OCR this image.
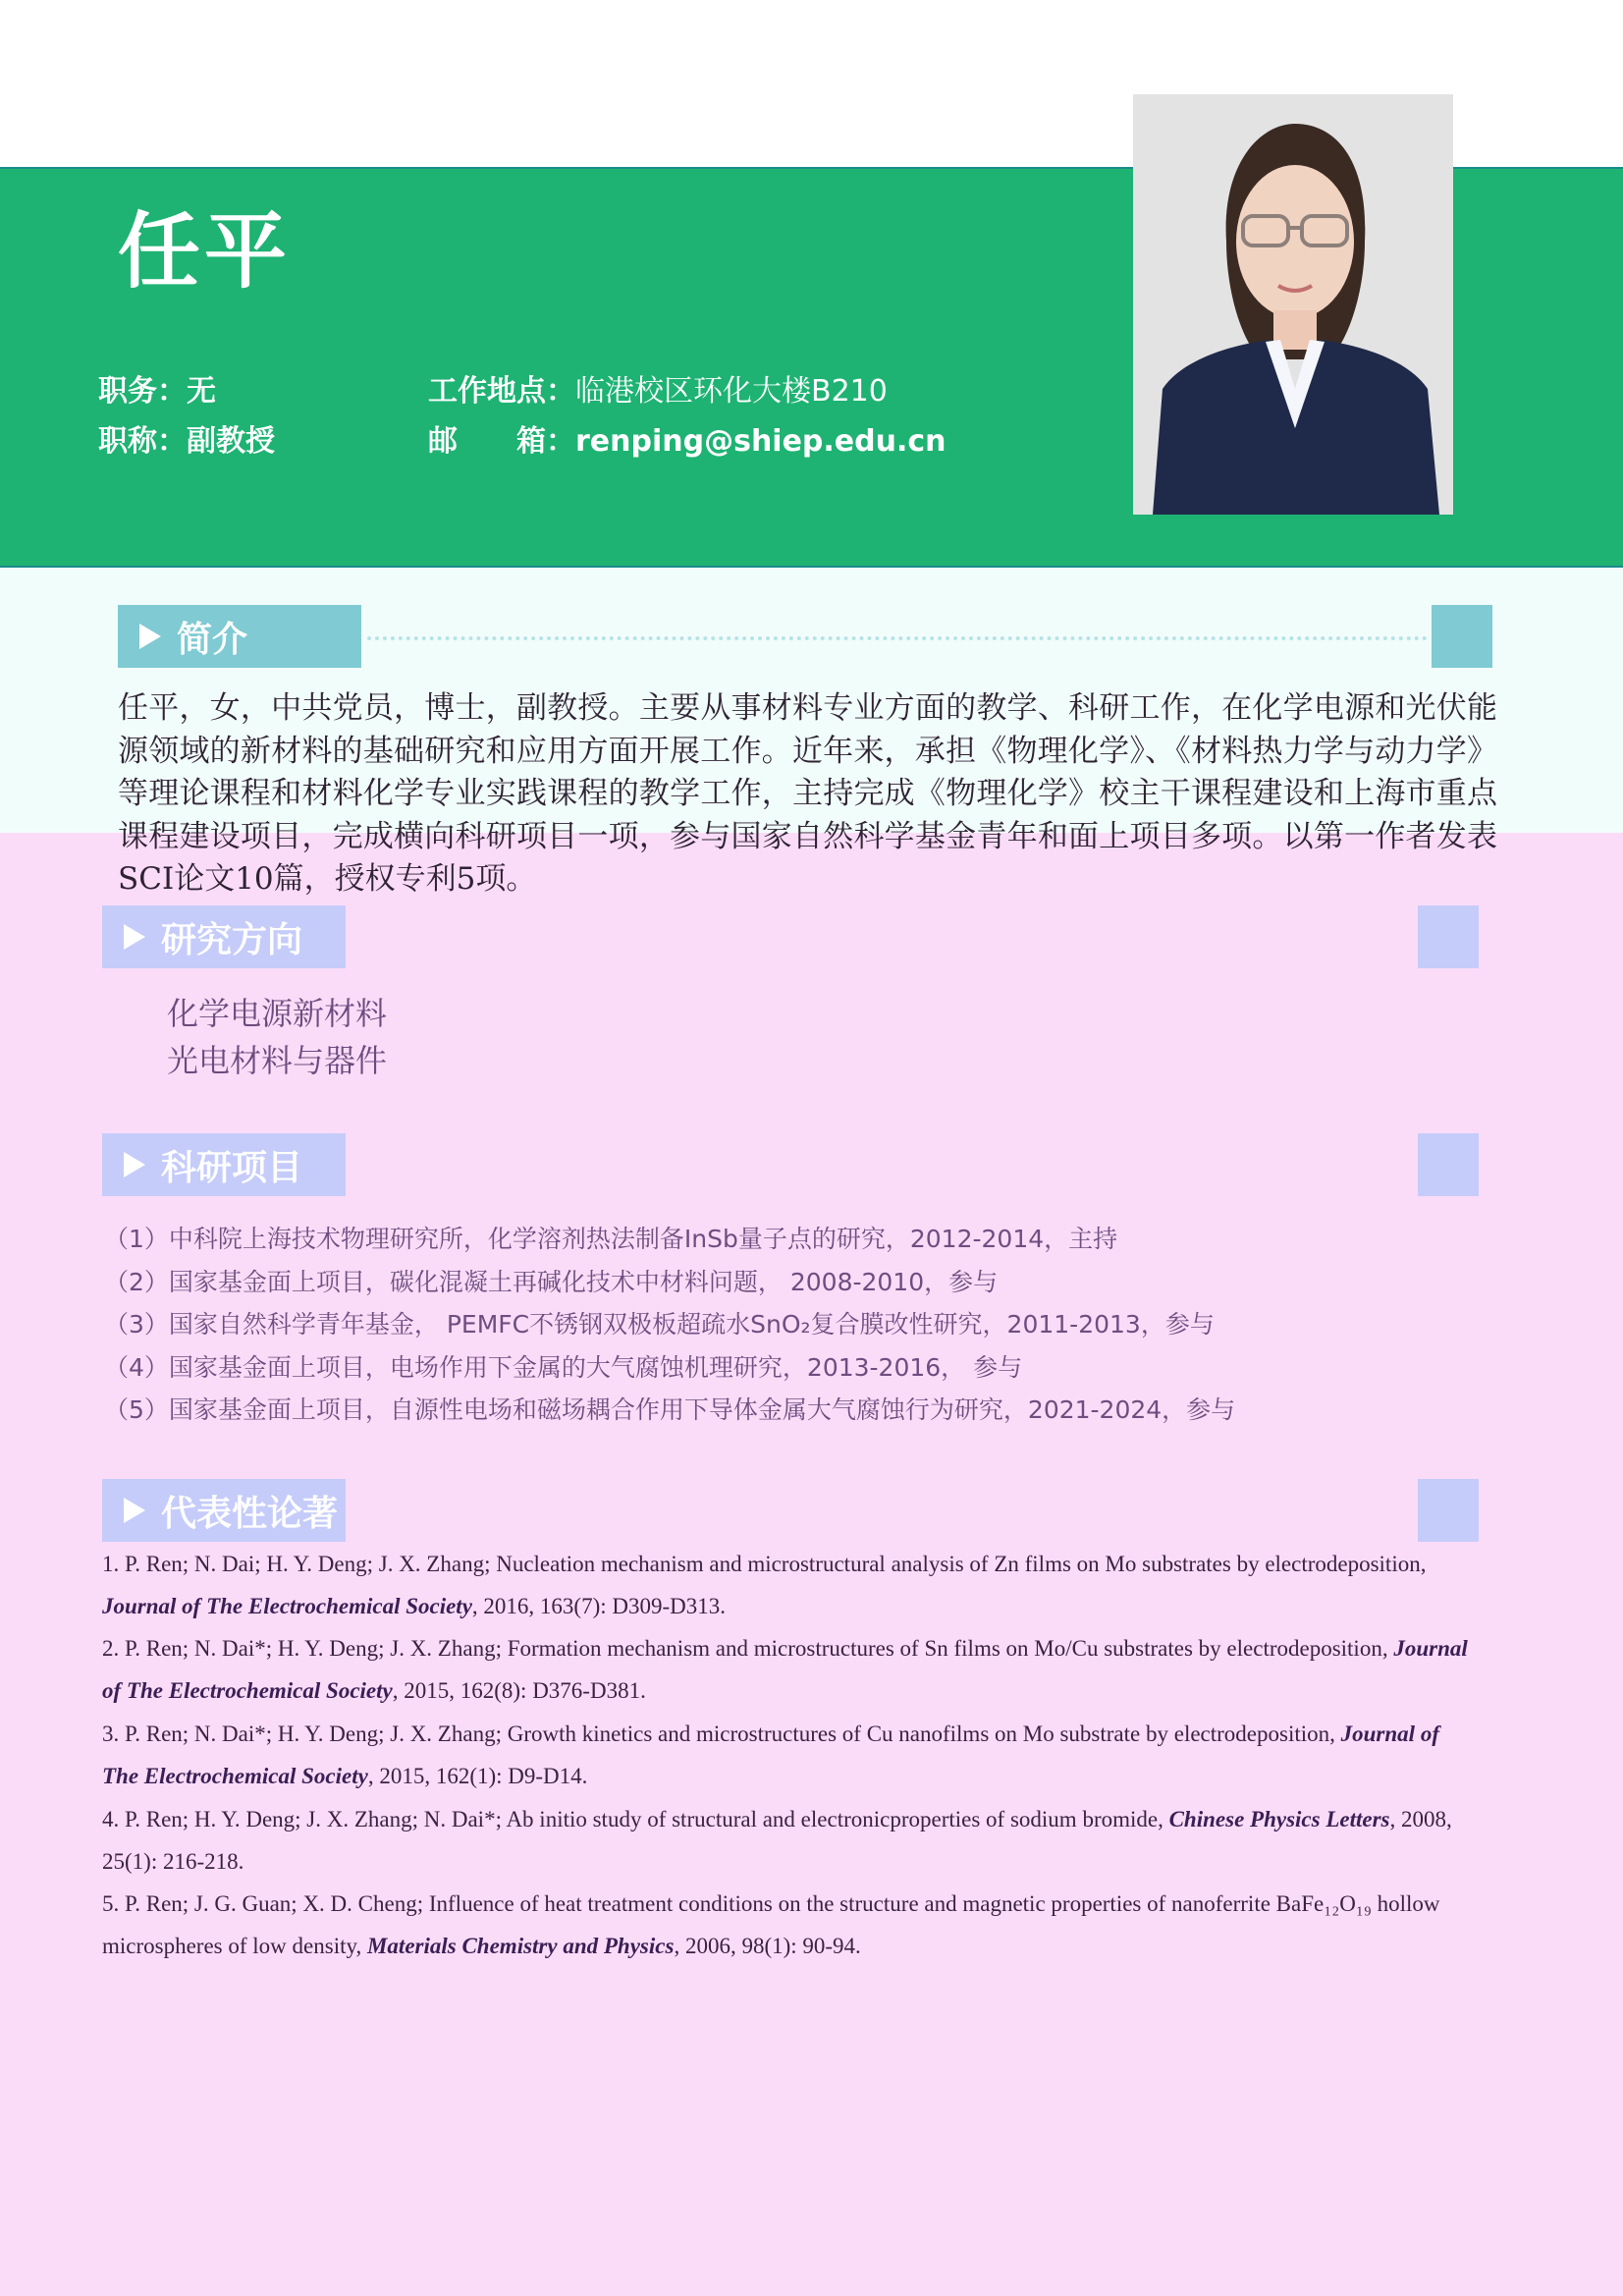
任平
职务：无
职称：副教授
工作地点：临港校区环化大楼B210
邮　　箱：renping@shiep.edu.cn
简介
任平，女，中共党员，博士，副教授。主要从事材料专业方面的教学、科研工作，在化学电源和光伏能源领域的新材料的基础研究和应用方面开展工作。近年来，承担《物理化学》、《材料热力学与动力学》等理论课程和材料化学专业实践课程的教学工作，主持完成《物理化学》校主干课程建设和上海市重点课程建设项目，完成横向科研项目一项，参与国家自然科学基金青年和面上项目多项。以第一作者发表SCI论文10篇，授权专利5项。
研究方向
化学电源新材料
光电材料与器件
科研项目
（1）中科院上海技术物理研究所，化学溶剂热法制备InSb量子点的研究，2012-2014，主持
（2）国家基金面上项目，碳化混凝土再碱化技术中材料问题， 2008-2010，参与
（3）国家自然科学青年基金， PEMFC不锈钢双极板超疏水SnO₂复合膜改性研究，2011-2013，参与
（4）国家基金面上项目，电场作用下金属的大气腐蚀机理研究，2013-2016， 参与
（5）国家基金面上项目，自源性电场和磁场耦合作用下导体金属大气腐蚀行为研究，2021-2024，参与
代表性论著
1. P. Ren; N. Dai; H. Y. Deng; J. X. Zhang; Nucleation mechanism and microstructural analysis of Zn films on Mo substrates by electrodeposition, Journal of The Electrochemical Society, 2016, 163(7): D309-D313.
2. P. Ren; N. Dai*; H. Y. Deng; J. X. Zhang; Formation mechanism and microstructures of Sn films on Mo/Cu substrates by electrodeposition, Journal of The Electrochemical Society, 2015, 162(8): D376-D381.
3. P. Ren; N. Dai*; H. Y. Deng; J. X. Zhang; Growth kinetics and microstructures of Cu nanofilms on Mo substrate by electrodeposition, Journal of The Electrochemical Society, 2015, 162(1): D9-D14.
4. P. Ren; H. Y. Deng; J. X. Zhang; N. Dai*; Ab initio study of structural and electronicproperties of sodium bromide, Chinese Physics Letters, 2008, 25(1): 216-218.
5. P. Ren; J. G. Guan; X. D. Cheng; Influence of heat treatment conditions on the structure and magnetic properties of nanoferrite BaFe₁₂O₁₉ hollow microspheres of low density, Materials Chemistry and Physics, 2006, 98(1): 90-94.
